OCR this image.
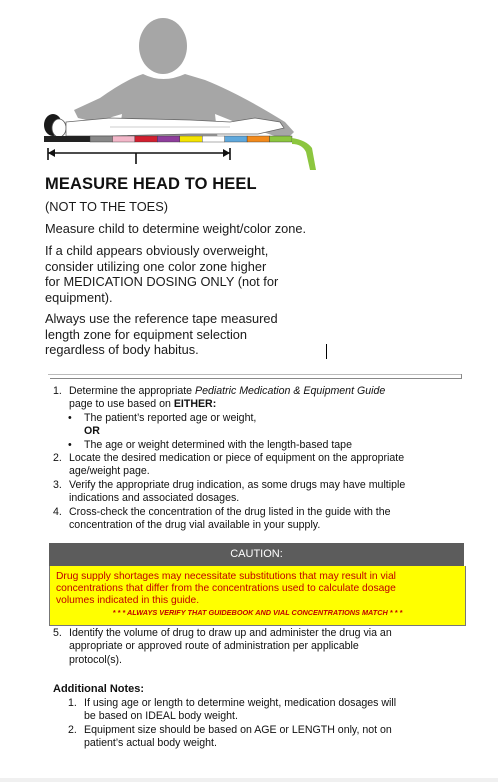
MEASURE HEAD TO HEEL
(NOT TO THE TOES)
Measure child to determine weight/color zone.
If a child appears obviously overweight,
consider utilizing one color zone higher
for MEDICATION DOSING ONLY (not for
equipment).
Always use the reference tape measured
length zone for equipment selection
regardless of body habitus.
1. Determine the appropriate Pediatric Medication & Equipment Guide
page to use based on EITHER:
• The patient’s reported age or weight,
OR
• The age or weight determined with the length-based tape
2. Locate the desired medication or piece of equipment on the appropriate
age/weight page.
3. Verify the appropriate drug indication, as some drugs may have multiple
indications and associated dosages.
4. Cross-check the concentration of the drug listed in the guide with the
concentration of the drug vial available in your supply.
CAUTION:
Drug supply shortages may necessitate substitutions that may result in vial
concentrations that differ from the concentrations used to calculate dosage
volumes indicated in this guide.
* * * ALWAYS VERIFY THAT GUIDEBOOK AND VIAL CONCENTRATIONS MATCH * * *
5. Identify the volume of drug to draw up and administer the drug via an
appropriate or approved route of administration per applicable
protocol(s).
Additional Notes:
1. If using age or length to determine weight, medication dosages will
be based on IDEAL body weight.
2. Equipment size should be based on AGE or LENGTH only, not on
patient’s actual body weight.
